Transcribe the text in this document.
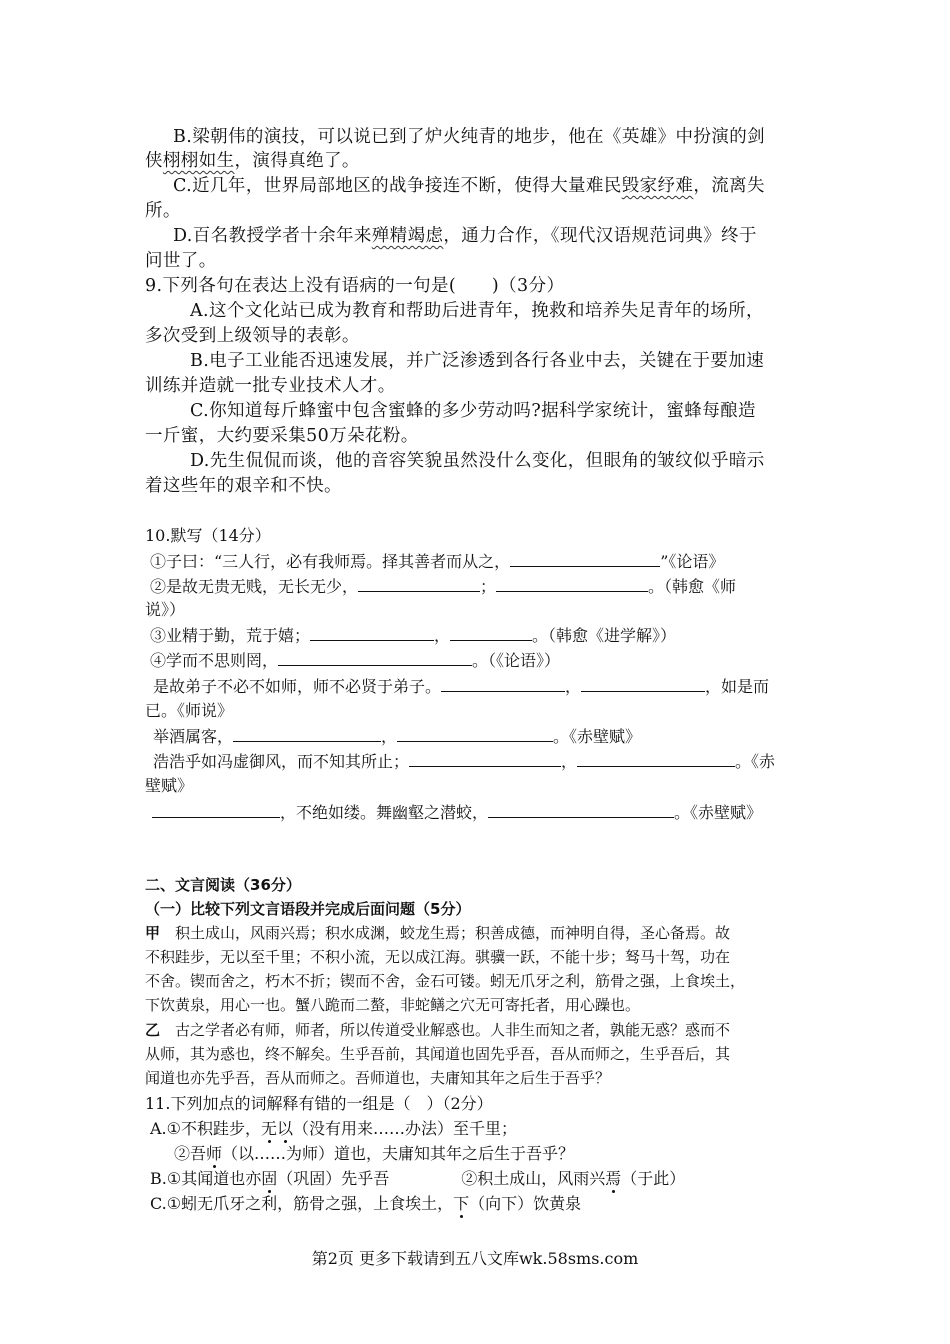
B.梁朝伟的演技，可以说已到了炉火纯青的地步，他在《英雄》中扮演的剑
侠栩栩如生，演得真绝了。
C.近几年，世界局部地区的战争接连不断，使得大量难民毁家纾难，流离失
所。
D.百名教授学者十余年来殚精竭虑，通力合作，《现代汉语规范词典》终于
问世了。
9.下列各句在表达上没有语病的一句是(　　)（3分）
A.这个文化站已成为教育和帮助后进青年，挽救和培养失足青年的场所，
多次受到上级领导的表彰。
B.电子工业能否迅速发展，并广泛渗透到各行各业中去，关键在于要加速
训练并造就一批专业技术人才。
C.你知道每斤蜂蜜中包含蜜蜂的多少劳动吗?据科学家统计，蜜蜂每酿造
一斤蜜，大约要采集50万朵花粉。
D.先生侃侃而谈，他的音容笑貌虽然没什么变化，但眼角的皱纹似乎暗示
着这些年的艰辛和不快。
10.默写（14分）
①子曰：“三人行，必有我师焉。择其善者而从之，	”《论语》
②是故无贵无贱，无长无少，	；	。（韩愈《师
说》）
③业精于勤，荒于嬉；	，	。（韩愈《进学解》）
④学而不思则罔，	。（《论语》）
是故弟子不必不如师，师不必贤于弟子。	，	，如是而
已。《师说》
举酒属客，	，	。《赤壁赋》
浩浩乎如冯虚御风，而不知其所止；	，	。《赤
壁赋》
，不绝如缕。舞幽壑之潜蛟，	。《赤壁赋》
二、文言阅读（36分）
（一）比较下列文言语段并完成后面问题（5分）
甲　 积土成山，风雨兴焉；积水成渊，蛟龙生焉；积善成德，而神明自得，圣心备焉。故
不积跬步，无以至千里；不积小流，无以成江海。骐骥一跃，不能十步；驽马十驾，功在
不舍。锲而舍之，朽木不折；锲而不舍，金石可镂。蚓无爪牙之利，筋骨之强，上食埃土，
下饮黄泉，用心一也。蟹八跪而二螯，非蛇鳝之穴无可寄托者，用心躁也。
乙　 古之学者必有师，师者，所以传道受业解惑也。人非生而知之者，孰能无惑？惑而不
从师，其为惑也，终不解矣。生乎吾前，其闻道也固先乎吾，吾从而师之，生乎吾后，其
闻道也亦先乎吾，吾从而师之。吾师道也，夫庸知其年之后生于吾乎？
11.下列加点的词解释有错的一组是（　）（2分）
A.①不积跬步，无以（没有用来……办法）至千里；
②吾师（以……为师）道也，夫庸知其年之后生于吾乎？
B.①其闻道也亦固（巩固）先乎吾	②积土成山，风雨兴焉（于此）
C.①蚓无爪牙之利，筋骨之强，上食埃土，下（向下）饮黄泉
第2页 更多下载请到五八文库wk.58sms.com
